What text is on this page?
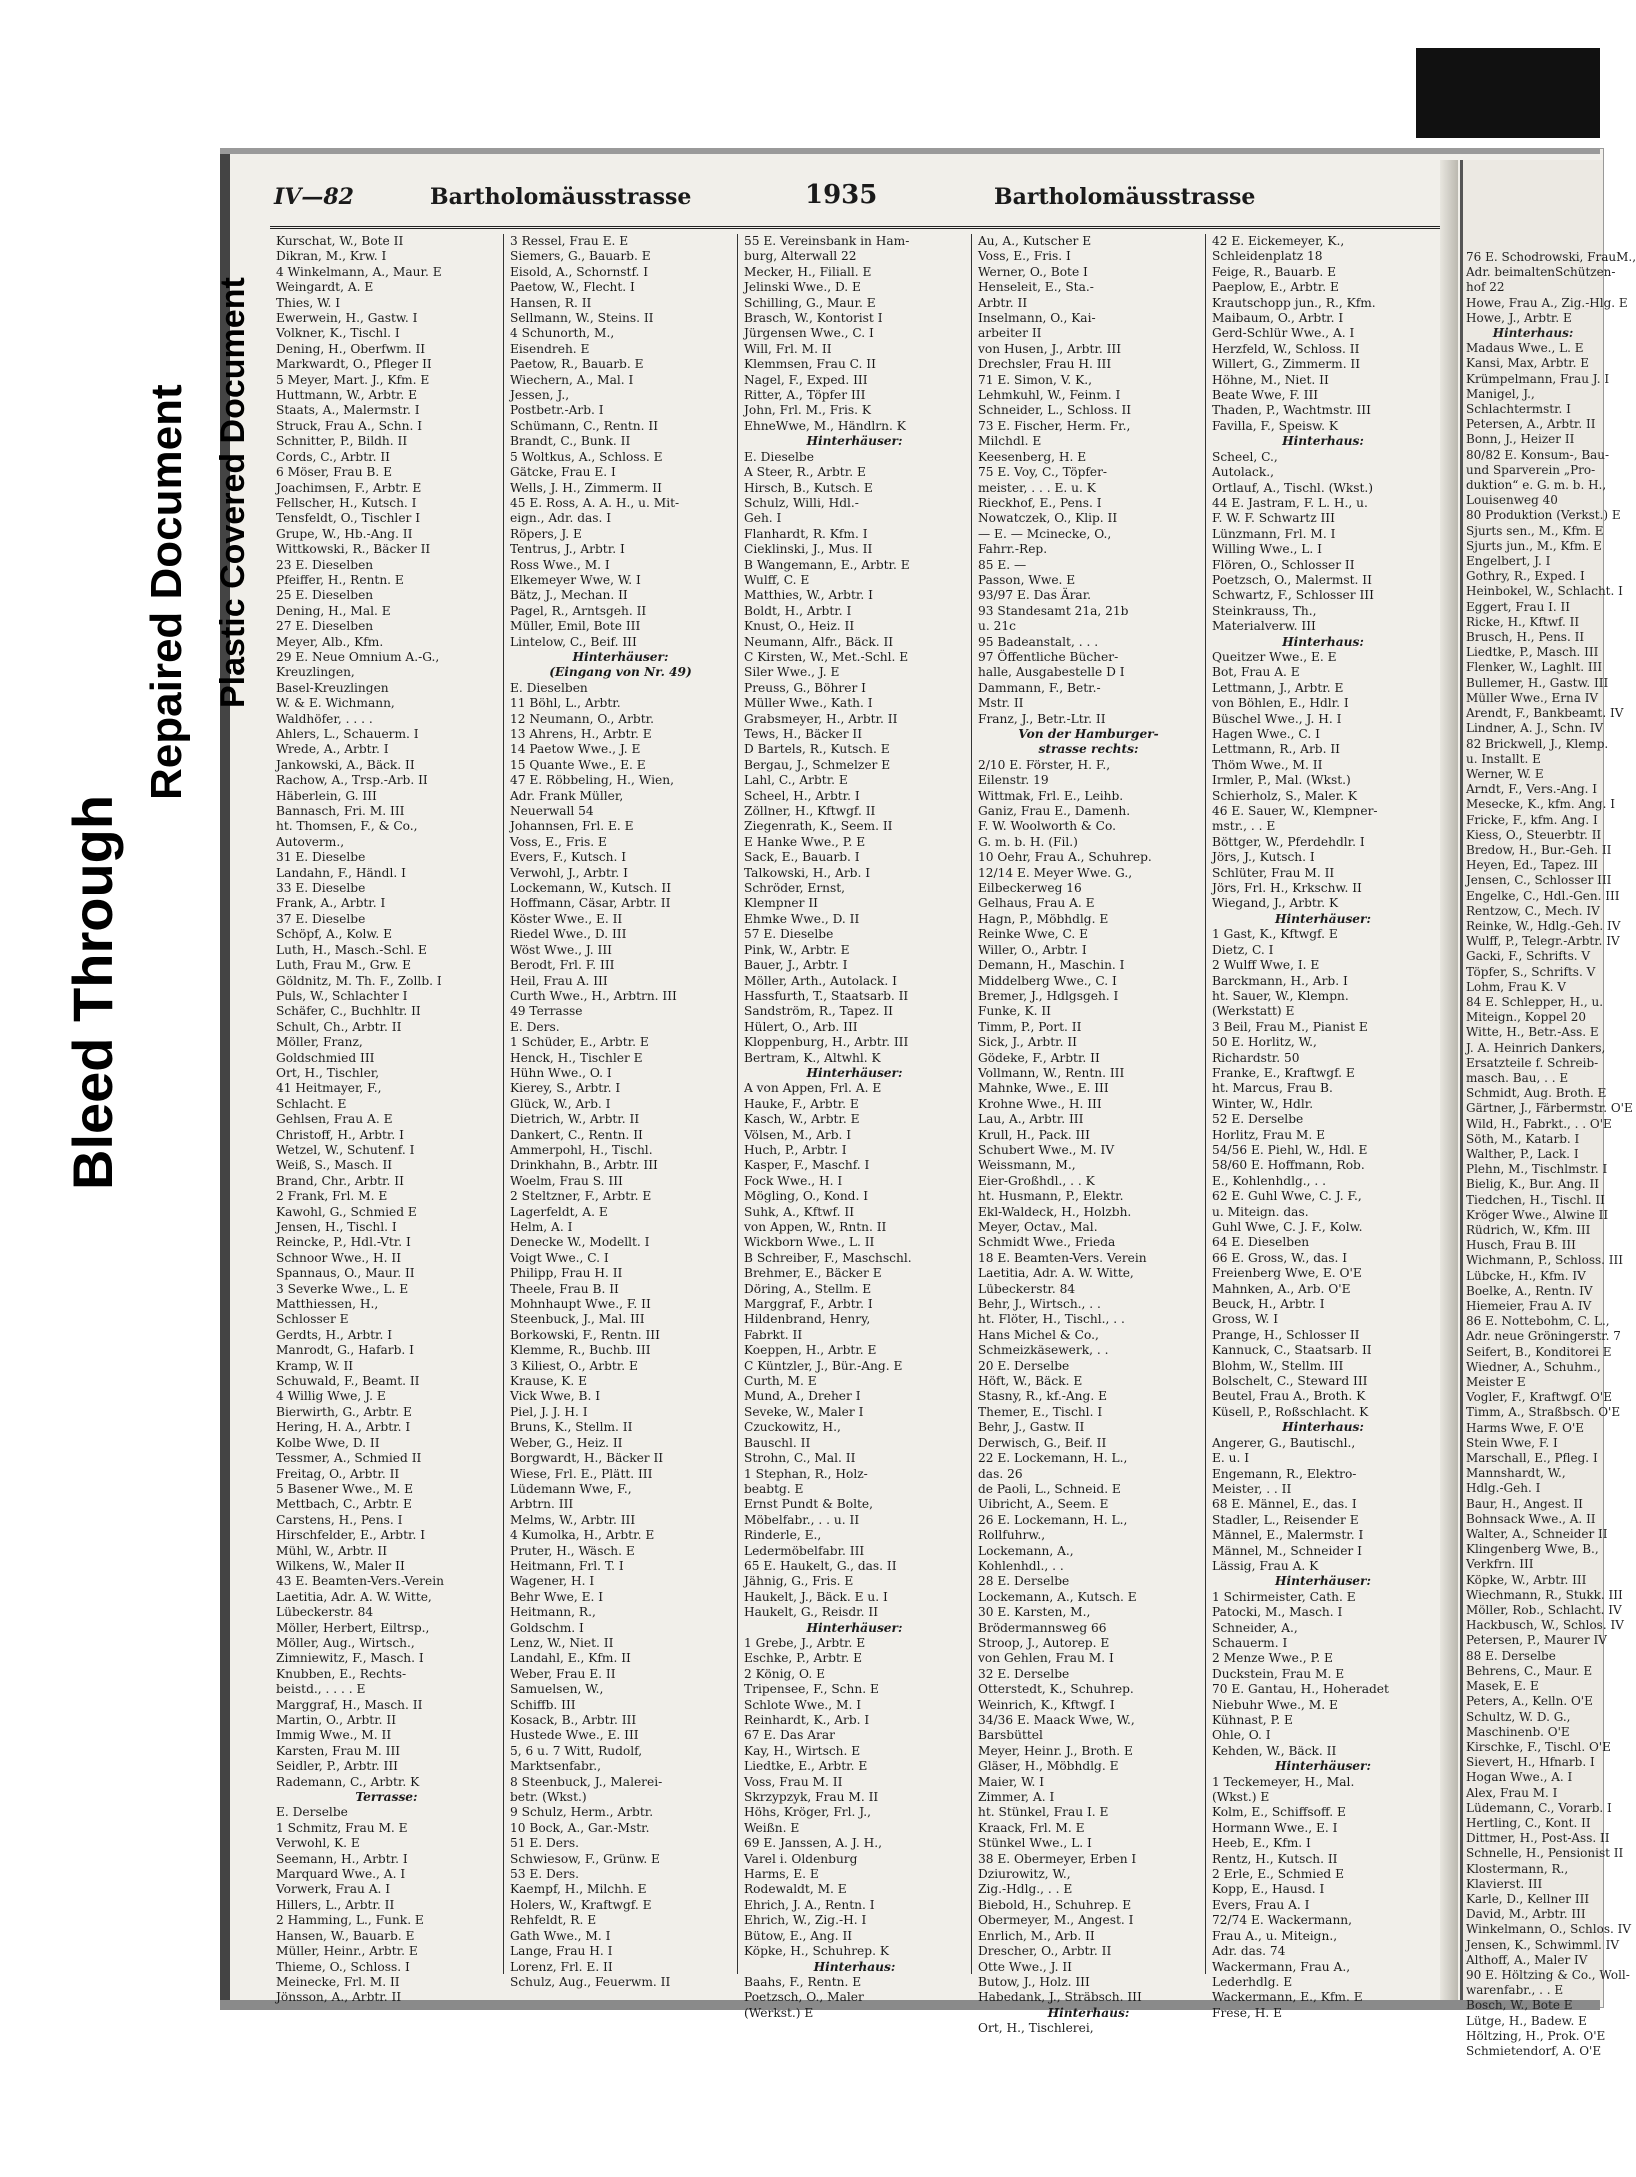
Bleed Through
Repaired Document Plastic Covered Document
IV—82	Bartholomäusstrasse	1935	Bartholomäusstrasse
Kurschat, W., Bote II
Dikran, M., Krw. I
4 Winkelmann, A., Maur. E
Weingardt, A. E
Thies, W. I
Ewerwein, H., Gastw. I
Volkner, K., Tischl. I
Dening, H., Oberfwm. II
Markwardt, O., Pfleger II
5 Meyer, Mart. J., Kfm. E
Huttmann, W., Arbtr. E
Staats, A., Malermstr. I
Struck, Frau A., Schn. I
Schnitter, P., Bildh. II
Cords, C., Arbtr. II
6 Möser, Frau B. E
Joachimsen, F., Arbtr. E
Fellscher, H., Kutsch. I
Tensfeldt, O., Tischler I
Grupe, W., Hb.-Ang. II
Wittkowski, R., Bäcker II
23 E. Dieselben
Pfeiffer, H., Rentn. E
25 E. Dieselben
Dening, H., Mal. E
27 E. Dieselben
Meyer, Alb., Kfm.
29 E. Neue Omnium A.-G.,
Kreuzlingen,
Basel-Kreuzlingen
W. & E. Wichmann,
Waldhöfer, . . . .
Ahlers, L., Schauerm. I
Wrede, A., Arbtr. I
Jankowski, A., Bäck. II
Rachow, A., Trsp.-Arb. II
Häberlein, G. III
Bannasch, Fri. M. III
ht. Thomsen, F., & Co.,
Autoverm.,
31 E. Dieselbe
Landahn, F., Händl. I
33 E. Dieselbe
Frank, A., Arbtr. I
37 E. Dieselbe
Schöpf, A., Kolw. E
Luth, H., Masch.-Schl. E
Luth, Frau M., Grw. E
Göldnitz, M. Th. F., Zollb. I
Puls, W., Schlachter I
Schäfer, C., Buchhltr. II
Schult, Ch., Arbtr. II
Möller, Franz,
Goldschmied III
Ort, H., Tischler,
41 Heitmayer, F.,
Schlacht. E
Gehlsen, Frau A. E
Christoff, H., Arbtr. I
Wetzel, W., Schutenf. I
Weiß, S., Masch. II
Brand, Chr., Arbtr. II
2 Frank, Frl. M. E
Kawohl, G., Schmied E
Jensen, H., Tischl. I
Reincke, P., Hdl.-Vtr. I
Schnoor Wwe., H. II
Spannaus, O., Maur. II
3 Severke Wwe., L. E
Matthiessen, H.,
Schlosser E
Gerdts, H., Arbtr. I
Manrodt, G., Hafarb. I
Kramp, W. II
Schuwald, F., Beamt. II
4 Willig Wwe, J. E
Bierwirth, G., Arbtr. E
Hering, H. A., Arbtr. I
Kolbe Wwe, D. II
Tessmer, A., Schmied II
Freitag, O., Arbtr. II
5 Basener Wwe., M. E
Mettbach, C., Arbtr. E
Carstens, H., Pens. I
Hirschfelder, E., Arbtr. I
Mühl, W., Arbtr. II
Wilkens, W., Maler II
43 E. Beamten-Vers.-Verein
Laetitia, Adr. A. W. Witte,
Lübeckerstr. 84
Möller, Herbert, Eiltrsp.,
Möller, Aug., Wirtsch.,
Zimniewitz, F., Masch. I
Knubben, E., Rechts-
beistd., . . . . E
Marggraf, H., Masch. II
Martin, O., Arbtr. II
Immig Wwe., M. II
Karsten, Frau M. III
Seidler, P., Arbtr. III
Rademann, C., Arbtr. K
Terrasse:
E. Derselbe
1 Schmitz, Frau M. E
Verwohl, K. E
Seemann, H., Arbtr. I
Marquard Wwe., A. I
Vorwerk, Frau A. I
Hillers, L., Arbtr. II
2 Hamming, L., Funk. E
Hansen, W., Bauarb. E
Müller, Heinr., Arbtr. E
Thieme, O., Schloss. I
Meinecke, Frl. M. II
Jönsson, A., Arbtr. II
3 Ressel, Frau E. E
Siemers, G., Bauarb. E
Eisold, A., Schornstf. I
Paetow, W., Flecht. I
Hansen, R. II
Sellmann, W., Steins. II
4 Schunorth, M.,
Eisendreh. E
Paetow, R., Bauarb. E
Wiechern, A., Mal. I
Jessen, J.,
Postbetr.-Arb. I
Schümann, C., Rentn. II
Brandt, C., Bunk. II
5 Woltkus, A., Schloss. E
Gätcke, Frau E. I
Wells, J. H., Zimmerm. II
45 E. Ross, A. A. H., u. Mit-
eign., Adr. das. I
Röpers, J. E
Tentrus, J., Arbtr. I
Ross Wwe., M. I
Elkemeyer Wwe, W. I
Bätz, J., Mechan. II
Pagel, R., Arntsgeh. II
Müller, Emil, Bote III
Lintelow, C., Beif. III
Hinterhäuser:
(Eingang von Nr. 49)
E. Dieselben
11 Böhl, L., Arbtr.
12 Neumann, O., Arbtr.
13 Ahrens, H., Arbtr. E
14 Paetow Wwe., J. E
15 Quante Wwe., E. E
47 E. Röbbeling, H., Wien,
Adr. Frank Müller,
Neuerwall 54
Johannsen, Frl. E. E
Voss, E., Fris. E
Evers, F., Kutsch. I
Verwohl, J., Arbtr. I
Lockemann, W., Kutsch. II
Hoffmann, Cäsar, Arbtr. II
Köster Wwe., E. II
Riedel Wwe., D. III
Wöst Wwe., J. III
Berodt, Frl. F. III
Heil, Frau A. III
Curth Wwe., H., Arbtrn. III
49 Terrasse
E. Ders.
1 Schüder, E., Arbtr. E
Henck, H., Tischler E
Hühn Wwe., O. I
Kierey, S., Arbtr. I
Glück, W., Arb. I
Dietrich, W., Arbtr. II
Dankert, C., Rentn. II
Ammerpohl, H., Tischl.
Drinkhahn, B., Arbtr. III
Woelm, Frau S. III
2 Steltzner, F., Arbtr. E
Lagerfeldt, A. E
Helm, A. I
Denecke W., Modellt. I
Voigt Wwe., C. I
Philipp, Frau H. II
Theele, Frau B. II
Mohnhaupt Wwe., F. II
Steenbuck, J., Mal. III
Borkowski, F., Rentn. III
Klemme, R., Buchb. III
3 Kiliest, O., Arbtr. E
Krause, K. E
Vick Wwe, B. I
Piel, J. J. H. I
Bruns, K., Stellm. II
Weber, G., Heiz. II
Borgwardt, H., Bäcker II
Wiese, Frl. E., Plätt. III
Lüdemann Wwe, F.,
Arbtrn. III
Melms, W., Arbtr. III
4 Kumolka, H., Arbtr. E
Pruter, H., Wäsch. E
Heitmann, Frl. T. I
Wagener, H. I
Behr Wwe, E. I
Heitmann, R.,
Goldschm. I
Lenz, W., Niet. II
Landahl, E., Kfm. II
Weber, Frau E. II
Samuelsen, W.,
Schiffb. III
Kosack, B., Arbtr. III
Hustede Wwe., E. III
5, 6 u. 7 Witt, Rudolf,
Marktsenfabr.,
8 Steenbuck, J., Malerei-
betr. (Wkst.)
9 Schulz, Herm., Arbtr.
10 Bock, A., Gar.-Mstr.
51 E. Ders.
Schwiesow, F., Grünw. E
53 E. Ders.
Kaempf, H., Milchh. E
Holers, W., Kraftwgf. E
Rehfeldt, R. E
Gath Wwe., M. I
Lange, Frau H. I
Lorenz, Frl. E. II
Schulz, Aug., Feuerwm. II
55 E. Vereinsbank in Ham-
burg, Alterwall 22
Mecker, H., Filiall. E
Jelinski Wwe., D. E
Schilling, G., Maur. E
Brasch, W., Kontorist I
Jürgensen Wwe., C. I
Will, Frl. M. II
Klemmsen, Frau C. II
Nagel, F., Exped. III
Ritter, A., Töpfer III
John, Frl. M., Fris. K
EhneWwe, M., Händlrn. K
Hinterhäuser:
E. Dieselbe
A Steer, R., Arbtr. E
Hirsch, B., Kutsch. E
Schulz, Willi, Hdl.-
Geh. I
Flanhardt, R. Kfm. I
Cieklinski, J., Mus. II
B Wangemann, E., Arbtr. E
Wulff, C. E
Matthies, W., Arbtr. I
Boldt, H., Arbtr. I
Knust, O., Heiz. II
Neumann, Alfr., Bäck. II
C Kirsten, W., Met.-Schl. E
Siler Wwe., J. E
Preuss, G., Böhrer I
Müller Wwe., Kath. I
Grabsmeyer, H., Arbtr. II
Tews, H., Bäcker II
D Bartels, R., Kutsch. E
Bergau, J., Schmelzer E
Lahl, C., Arbtr. E
Scheel, H., Arbtr. I
Zöllner, H., Kftwgf. II
Ziegenrath, K., Seem. II
E Hanke Wwe., P. E
Sack, E., Bauarb. I
Talkowski, H., Arb. I
Schröder, Ernst,
Klempner II
Ehmke Wwe., D. II
57 E. Dieselbe
Pink, W., Arbtr. E
Bauer, J., Arbtr. I
Möller, Arth., Autolack. I
Hassfurth, T., Staatsarb. II
Sandström, R., Tapez. II
Hülert, O., Arb. III
Kloppenburg, H., Arbtr. III
Bertram, K., Altwhl. K
Hinterhäuser:
A von Appen, Frl. A. E
Hauke, F., Arbtr. E
Kasch, W., Arbtr. E
Völsen, M., Arb. I
Huch, P., Arbtr. I
Kasper, F., Maschf. I
Fock Wwe., H. I
Mögling, O., Kond. I
Suhk, A., Kftwf. II
von Appen, W., Rntn. II
Wickborn Wwe., L. II
B Schreiber, F., Maschschl.
Brehmer, E., Bäcker E
Döring, A., Stellm. E
Marggraf, F., Arbtr. I
Hildenbrand, Henry,
Fabrkt. II
Koeppen, H., Arbtr. E
C Küntzler, J., Bür.-Ang. E
Curth, M. E
Mund, A., Dreher I
Seveke, W., Maler I
Czuckowitz, H.,
Bauschl. II
Strohn, C., Mal. II
1 Stephan, R., Holz-
beabtg. E
Ernst Pundt & Bolte,
Möbelfabr., . . u. II
Rinderle, E.,
Ledermöbelfabr. III
65 E. Haukelt, G., das. II
Jähnig, G., Fris. E
Haukelt, J., Bäck. E u. I
Haukelt, G., Reisdr. II
Hinterhäuser:
1 Grebe, J., Arbtr. E
Eschke, P., Arbtr. E
2 König, O. E
Tripensee, F., Schn. E
Schlote Wwe., M. I
Reinhardt, K., Arb. I
67 E. Das Arar
Kay, H., Wirtsch. E
Liedtke, E., Arbtr. E
Voss, Frau M. II
Skrzypzyk, Frau M. II
Höhs, Kröger, Frl. J.,
Weißn. E
69 E. Janssen, A. J. H.,
Varel i. Oldenburg
Harms, E. E
Rodewaldt, M. E
Ehrich, J. A., Rentn. I
Ehrich, W., Zig.-H. I
Bütow, E., Ang. II
Köpke, H., Schuhrep. K
Hinterhaus:
Baahs, F., Rentn. E
Poetzsch, O., Maler
(Werkst.) E
Au, A., Kutscher E
Voss, E., Fris. I
Werner, O., Bote I
Henseleit, E., Sta.-
Arbtr. II
Inselmann, O., Kai-
arbeiter II
von Husen, J., Arbtr. III
Drechsler, Frau H. III
71 E. Simon, V. K.,
Lehmkuhl, W., Feinm. I
Schneider, L., Schloss. II
73 E. Fischer, Herm. Fr.,
Milchdl. E
Keesenberg, H. E
75 E. Voy, C., Töpfer-
meister, . . . E. u. K
Rieckhof, E., Pens. I
Nowatczek, O., Klip. II
— E. — Mcinecke, O.,
Fahrr.-Rep.
85 E. —
Passon, Wwe. E
93/97 E. Das Ärar.
93 Standesamt 21a, 21b
u. 21c
95 Badeanstalt, . . .
97 Öffentliche Bücher-
halle, Ausgabestelle D I
Dammann, F., Betr.-
Mstr. II
Franz, J., Betr.-Ltr. II
Von der Hamburger-
strasse rechts:
2/10 E. Förster, H. F.,
Eilenstr. 19
Wittmak, Frl. E., Leihb.
Ganiz, Frau E., Damenh.
F. W. Woolworth & Co.
G. m. b. H. (Fil.)
10 Oehr, Frau A., Schuhrep.
12/14 E. Meyer Wwe. G.,
Eilbeckerweg 16
Gelhaus, Frau A. E
Hagn, P., Möbhdlg. E
Reinke Wwe, C. E
Willer, O., Arbtr. I
Demann, H., Maschin. I
Middelberg Wwe., C. I
Bremer, J., Hdlgsgeh. I
Funke, K. II
Timm, P., Port. II
Sick, J., Arbtr. II
Gödeke, F., Arbtr. II
Vollmann, W., Rentn. III
Mahnke, Wwe., E. III
Krohne Wwe., H. III
Lau, A., Arbtr. III
Krull, H., Pack. III
Schubert Wwe., M. IV
Weissmann, M.,
Eier-Großhdl., . . K
ht. Husmann, P., Elektr.
Ekl-Waldeck, H., Holzbh.
Meyer, Octav., Mal.
Schmidt Wwe., Frieda
18 E. Beamten-Vers. Verein
Laetitia, Adr. A. W. Witte,
Lübeckerstr. 84
Behr, J., Wirtsch., . .
ht. Flöter, H., Tischl., . .
Hans Michel & Co.,
Schmeizkäsewerk, . .
20 E. Derselbe
Höft, W., Bäck. E
Stasny, R., kf.-Ang. E
Themer, E., Tischl. I
Behr, J., Gastw. II
Derwisch, G., Beif. II
22 E. Lockemann, H. L.,
das. 26
de Paoli, L., Schneid. E
Uibricht, A., Seem. E
26 E. Lockemann, H. L.,
Rollfuhrw.,
Lockemann, A.,
Kohlenhdl., . .
28 E. Derselbe
Lockemann, A., Kutsch. E
30 E. Karsten, M.,
Brödermannsweg 66
Stroop, J., Autorep. E
von Gehlen, Frau M. I
32 E. Derselbe
Otterstedt, K., Schuhrep.
Weinrich, K., Kftwgf. I
34/36 E. Maack Wwe, W.,
Barsbüttel
Meyer, Heinr. J., Broth. E
Gläser, H., Möbhdlg. E
Maier, W. I
Zimmer, A. I
ht. Stünkel, Frau I. E
Kraack, Frl. M. E
Stünkel Wwe., L. I
38 E. Obermeyer, Erben I
Dziurowitz, W.,
Zig.-Hdlg., . . E
Biebold, H., Schuhrep. E
Obermeyer, M., Angest. I
Enrlich, M., Arb. II
Drescher, O., Arbtr. II
Otte Wwe., J. II
Butow, J., Holz. III
Habedank, J., Sträbsch. III
Hinterhaus:
Ort, H., Tischlerei,
42 E. Eickemeyer, K.,
Schleidenplatz 18
Feige, R., Bauarb. E
Paeplow, E., Arbtr. E
Krautschopp jun., R., Kfm.
Maibaum, O., Arbtr. I
Gerd-Schlür Wwe., A. I
Herzfeld, W., Schloss. II
Willert, G., Zimmerm. II
Höhne, M., Niet. II
Beate Wwe, F. III
Thaden, P., Wachtmstr. III
Favilla, F., Speisw. K
Hinterhaus:
Scheel, C.,
Autolack.,
Ortlauf, A., Tischl. (Wkst.)
44 E. Jastram, F. L. H., u.
F. W. F. Schwartz III
Lünzmann, Frl. M. I
Willing Wwe., L. I
Flören, O., Schlosser II
Poetzsch, O., Malermst. II
Schwartz, F., Schlosser III
Steinkrauss, Th.,
Materialverw. III
Hinterhaus:
Queitzer Wwe., E. E
Bot, Frau A. E
Lettmann, J., Arbtr. E
von Böhlen, E., Hdlr. I
Büschel Wwe., J. H. I
Hagen Wwe., C. I
Lettmann, R., Arb. II
Thöm Wwe., M. II
Irmler, P., Mal. (Wkst.)
Schierholz, S., Maler. K
46 E. Sauer, W., Klempner-
mstr., . . E
Böttger, W., Pferdehdlr. I
Jörs, J., Kutsch. I
Schlüter, Frau M. II
Jörs, Frl. H., Krkschw. II
Wiegand, J., Arbtr. K
Hinterhäuser:
1 Gast, K., Kftwgf. E
Dietz, C. I
2 Wulff Wwe, I. E
Barckmann, H., Arb. I
ht. Sauer, W., Klempn.
(Werkstatt) E
3 Beil, Frau M., Pianist E
50 E. Horlitz, W.,
Richardstr. 50
Franke, E., Kraftwgf. E
ht. Marcus, Frau B.
Winter, W., Hdlr.
52 E. Derselbe
Horlitz, Frau M. E
54/56 E. Piehl, W., Hdl. E
58/60 E. Hoffmann, Rob.
E., Kohlenhdlg., . .
62 E. Guhl Wwe, C. J. F.,
u. Miteign. das.
Guhl Wwe, C. J. F., Kolw.
64 E. Dieselben
66 E. Gross, W., das. I
Freienberg Wwe, E. O'E
Mahnken, A., Arb. O'E
Beuck, H., Arbtr. I
Gross, W. I
Prange, H., Schlosser II
Kannuck, C., Staatsarb. II
Blohm, W., Stellm. III
Bolschelt, C., Steward III
Beutel, Frau A., Broth. K
Küsell, P., Roßschlacht. K
Hinterhaus:
Angerer, G., Bautischl.,
E. u. I
Engemann, R., Elektro-
Meister, . . II
68 E. Männel, E., das. I
Stadler, L., Reisender E
Männel, E., Malermstr. I
Männel, M., Schneider I
Lässig, Frau A. K
Hinterhäuser:
1 Schirmeister, Cath. E
Patocki, M., Masch. I
Schneider, A.,
Schauerm. I
2 Menze Wwe., P. E
Duckstein, Frau M. E
70 E. Gantau, H., Hoheradet
Niebuhr Wwe., M. E
Kühnast, P. E
Ohle, O. I
Kehden, W., Bäck. II
Hinterhäuser:
1 Teckemeyer, H., Mal.
(Wkst.) E
Kolm, E., Schiffsoff. E
Hormann Wwe., E. I
Heeb, E., Kfm. I
Rentz, H., Kutsch. II
2 Erle, E., Schmied E
Kopp, E., Hausd. I
Evers, Frau A. I
72/74 E. Wackermann,
Frau A., u. Miteign.,
Adr. das. 74
Wackermann, Frau A.,
Lederhdlg. E
Wackermann, E., Kfm. E
Frese, H. E
76 E. Schodrowski, FrauM.,
Adr. beimaltenSchützen-
hof 22
Howe, Frau A., Zig.-Hlg. E
Howe, J., Arbtr. E
Hinterhaus:
Madaus Wwe., L. E
Kansi, Max, Arbtr. E
Krümpelmann, Frau J. I
Manigel, J.,
Schlachtermstr. I
Petersen, A., Arbtr. II
Bonn, J., Heizer II
80/82 E. Konsum-, Bau-
und Sparverein „Pro-
duktion“ e. G. m. b. H.,
Louisenweg 40
80 Produktion (Verkst.) E
Sjurts sen., M., Kfm. E
Sjurts jun., M., Kfm. E
Engelbert, J. I
Gothry, R., Exped. I
Heinbokel, W., Schlacht. I
Eggert, Frau I. II
Ricke, H., Kftwf. II
Brusch, H., Pens. II
Liedtke, P., Masch. III
Flenker, W., Laghlt. III
Bullemer, H., Gastw. III
Müller Wwe., Erna IV
Arendt, F., Bankbeamt. IV
Lindner, A. J., Schn. IV
82 Brickwell, J., Klemp.
u. Installt. E
Werner, W. E
Arndt, F., Vers.-Ang. I
Mesecke, K., kfm. Ang. I
Fricke, F., kfm. Ang. I
Kiess, O., Steuerbtr. II
Bredow, H., Bur.-Geh. II
Heyen, Ed., Tapez. III
Jensen, C., Schlosser III
Engelke, C., Hdl.-Gen. III
Rentzow, C., Mech. IV
Reinke, W., Hdlg.-Geh. IV
Wulff, P., Telegr.-Arbtr. IV
Gacki, F., Schrifts. V
Töpfer, S., Schrifts. V
Lohm, Frau K. V
84 E. Schlepper, H., u.
Miteign., Koppel 20
Witte, H., Betr.-Ass. E
J. A. Heinrich Dankers,
Ersatzteile f. Schreib-
masch. Bau, . . E
Schmidt, Aug. Broth. E
Gärtner, J., Färbermstr. O'E
Wild, H., Fabrkt., . . O'E
Söth, M., Katarb. I
Walther, P., Lack. I
Plehn, M., Tischlmstr. I
Bielig, K., Bur. Ang. II
Tiedchen, H., Tischl. II
Kröger Wwe., Alwine II
Rüdrich, W., Kfm. III
Husch, Frau B. III
Wichmann, P., Schloss. III
Lübcke, H., Kfm. IV
Boelke, A., Rentn. IV
Hiemeier, Frau A. IV
86 E. Nottebohm, C. L.,
Adr. neue Gröningerstr. 7
Seifert, B., Konditorei E
Wiedner, A., Schuhm.,
Meister E
Vogler, F., Kraftwgf. O'E
Timm, A., Straßbsch. O'E
Harms Wwe, F. O'E
Stein Wwe, F. I
Marschall, E., Pfleg. I
Mannshardt, W.,
Hdlg.-Geh. I
Baur, H., Angest. II
Bohnsack Wwe., A. II
Walter, A., Schneider II
Klingenberg Wwe, B.,
Verkfrn. III
Köpke, W., Arbtr. III
Wiechmann, R., Stukk. III
Möller, Rob., Schlacht. IV
Hackbusch, W., Schlos. IV
Petersen, P., Maurer IV
88 E. Derselbe
Behrens, C., Maur. E
Masek, E. E
Peters, A., Kelln. O'E
Schultz, W. D. G.,
Maschinenb. O'E
Kirschke, F., Tischl. O'E
Sievert, H., Hfnarb. I
Hogan Wwe., A. I
Alex, Frau M. I
Lüdemann, C., Vorarb. I
Hertling, C., Kont. II
Dittmer, H., Post-Ass. II
Schnelle, H., Pensionist II
Klostermann, R.,
Klavierst. III
Karle, D., Kellner III
David, M., Arbtr. III
Winkelmann, O., Schlos. IV
Jensen, K., Schwimml. IV
Althoff, A., Maler IV
90 E. Höltzing & Co., Woll-
warenfabr., . . E
Bosch, W., Bote E
Lütge, H., Badew. E
Höltzing, H., Prok. O'E
Schmietendorf, A. O'E
